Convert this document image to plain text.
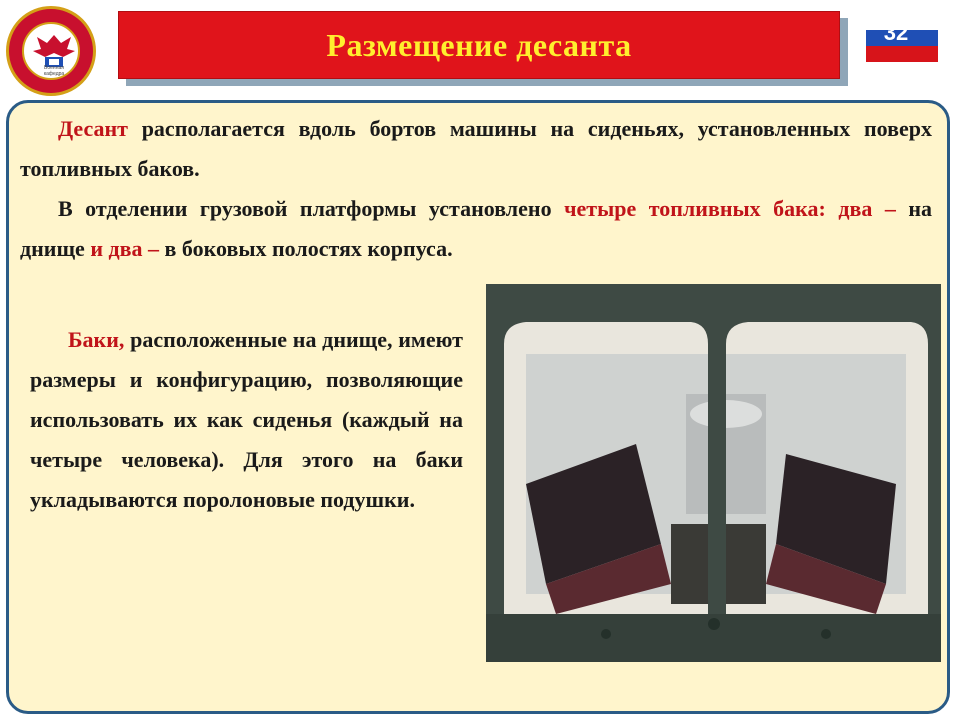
Военная кафедра
Размещение десанта	32
Десант располагается вдоль бортов машины на сиденьях, установленных поверх топливных баков.
В отделении грузовой платформы установлено четыре топливных бака: два – на днище и два – в боковых полостях корпуса.
Баки, расположенные на днище, имеют размеры и конфигурацию, позволяющие использовать их как сиденья (каждый на четыре человека). Для этого на баки укладываются поролоновые подушки.
